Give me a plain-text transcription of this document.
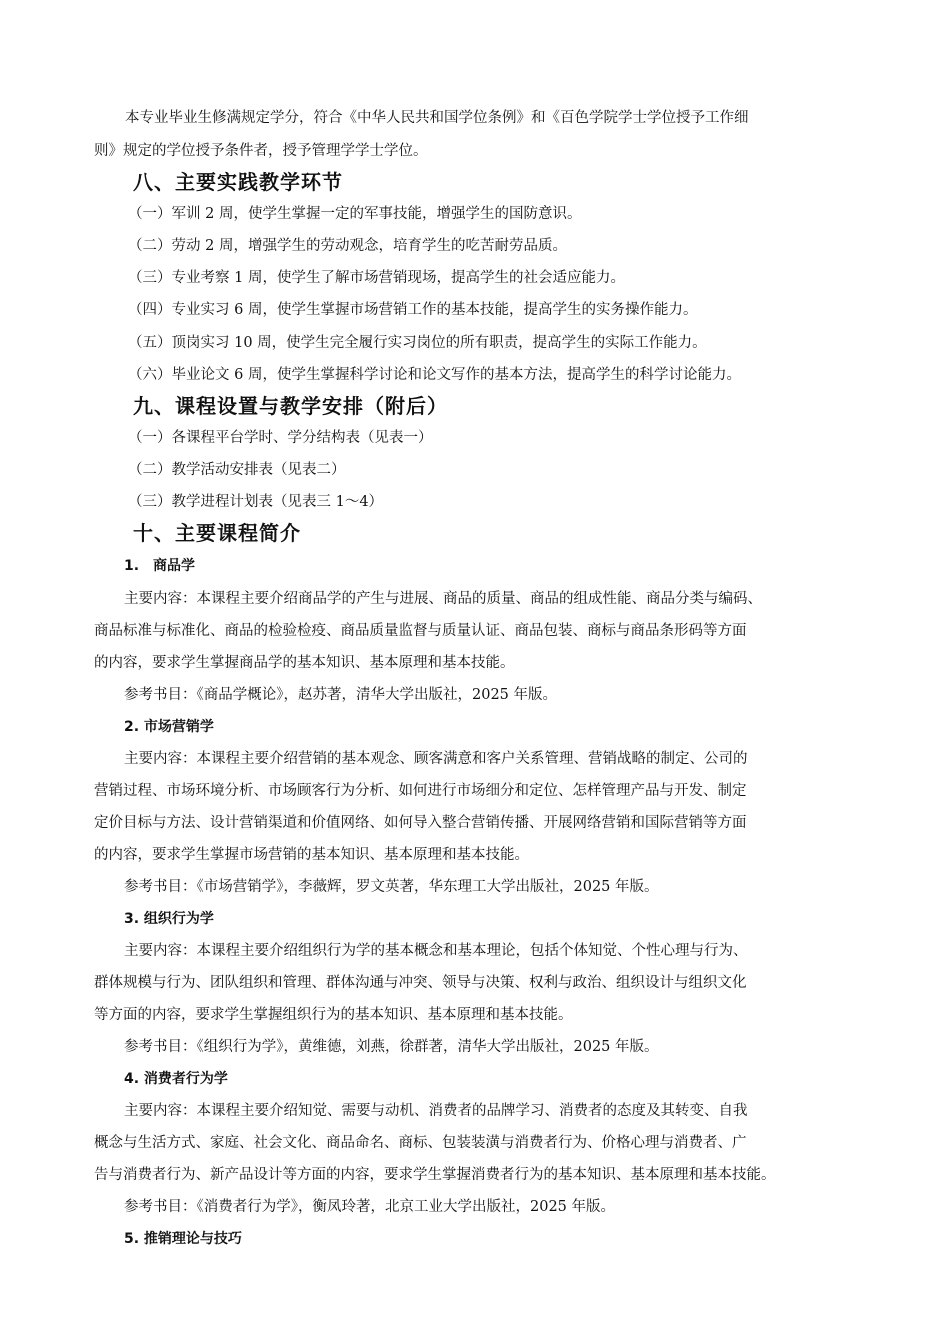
本专业毕业生修满规定学分，符合《中华人民共和国学位条例》和《百色学院学士学位授予工作细
则》规定的学位授予条件者，授予管理学学士学位。
八、主要实践教学环节
（一）军训 2 周，使学生掌握一定的军事技能，增强学生的国防意识。
（二）劳动 2 周，增强学生的劳动观念，培育学生的吃苦耐劳品质。
（三）专业考察 1 周，使学生了解市场营销现场，提高学生的社会适应能力。
（四）专业实习 6 周，使学生掌握市场营销工作的基本技能，提高学生的实务操作能力。
（五）顶岗实习 10 周，使学生完全履行实习岗位的所有职责，提高学生的实际工作能力。
（六）毕业论文 6 周，使学生掌握科学讨论和论文写作的基本方法，提高学生的科学讨论能力。
九、课程设置与教学安排（附后）
（一）各课程平台学时、学分结构表（见表一）
（二）教学活动安排表（见表二）
（三）教学进程计划表（见表三 1～4）
十、主要课程简介
1.　商品学
主要内容：本课程主要介绍商品学的产生与进展、商品的质量、商品的组成性能、商品分类与编码、
商品标准与标准化、商品的检验检疫、商品质量监督与质量认证、商品包装、商标与商品条形码等方面
的内容，要求学生掌握商品学的基本知识、基本原理和基本技能。
参考书目：《商品学概论》，赵苏著，清华大学出版社，2025 年版。
2. 市场营销学
主要内容：本课程主要介绍营销的基本观念、顾客满意和客户关系管理、营销战略的制定、公司的
营销过程、市场环境分析、市场顾客行为分析、如何进行市场细分和定位、怎样管理产品与开发、制定
定价目标与方法、设计营销渠道和价值网络、如何导入整合营销传播、开展网络营销和国际营销等方面
的内容，要求学生掌握市场营销的基本知识、基本原理和基本技能。
参考书目：《市场营销学》，李薇辉，罗文英著，华东理工大学出版社，2025 年版。
3. 组织行为学
主要内容：本课程主要介绍组织行为学的基本概念和基本理论，包括个体知觉、个性心理与行为、
群体规模与行为、团队组织和管理、群体沟通与冲突、领导与决策、权利与政治、组织设计与组织文化
等方面的内容，要求学生掌握组织行为的基本知识、基本原理和基本技能。
参考书目：《组织行为学》，黄维德，刘燕，徐群著，清华大学出版社，2025 年版。
4. 消费者行为学
主要内容：本课程主要介绍知觉、需要与动机、消费者的品牌学习、消费者的态度及其转变、自我
概念与生活方式、家庭、社会文化、商品命名、商标、包装装潢与消费者行为、价格心理与消费者、广
告与消费者行为、新产品设计等方面的内容，要求学生掌握消费者行为的基本知识、基本原理和基本技能。
参考书目：《消费者行为学》，衡凤玲著，北京工业大学出版社，2025 年版。
5. 推销理论与技巧
